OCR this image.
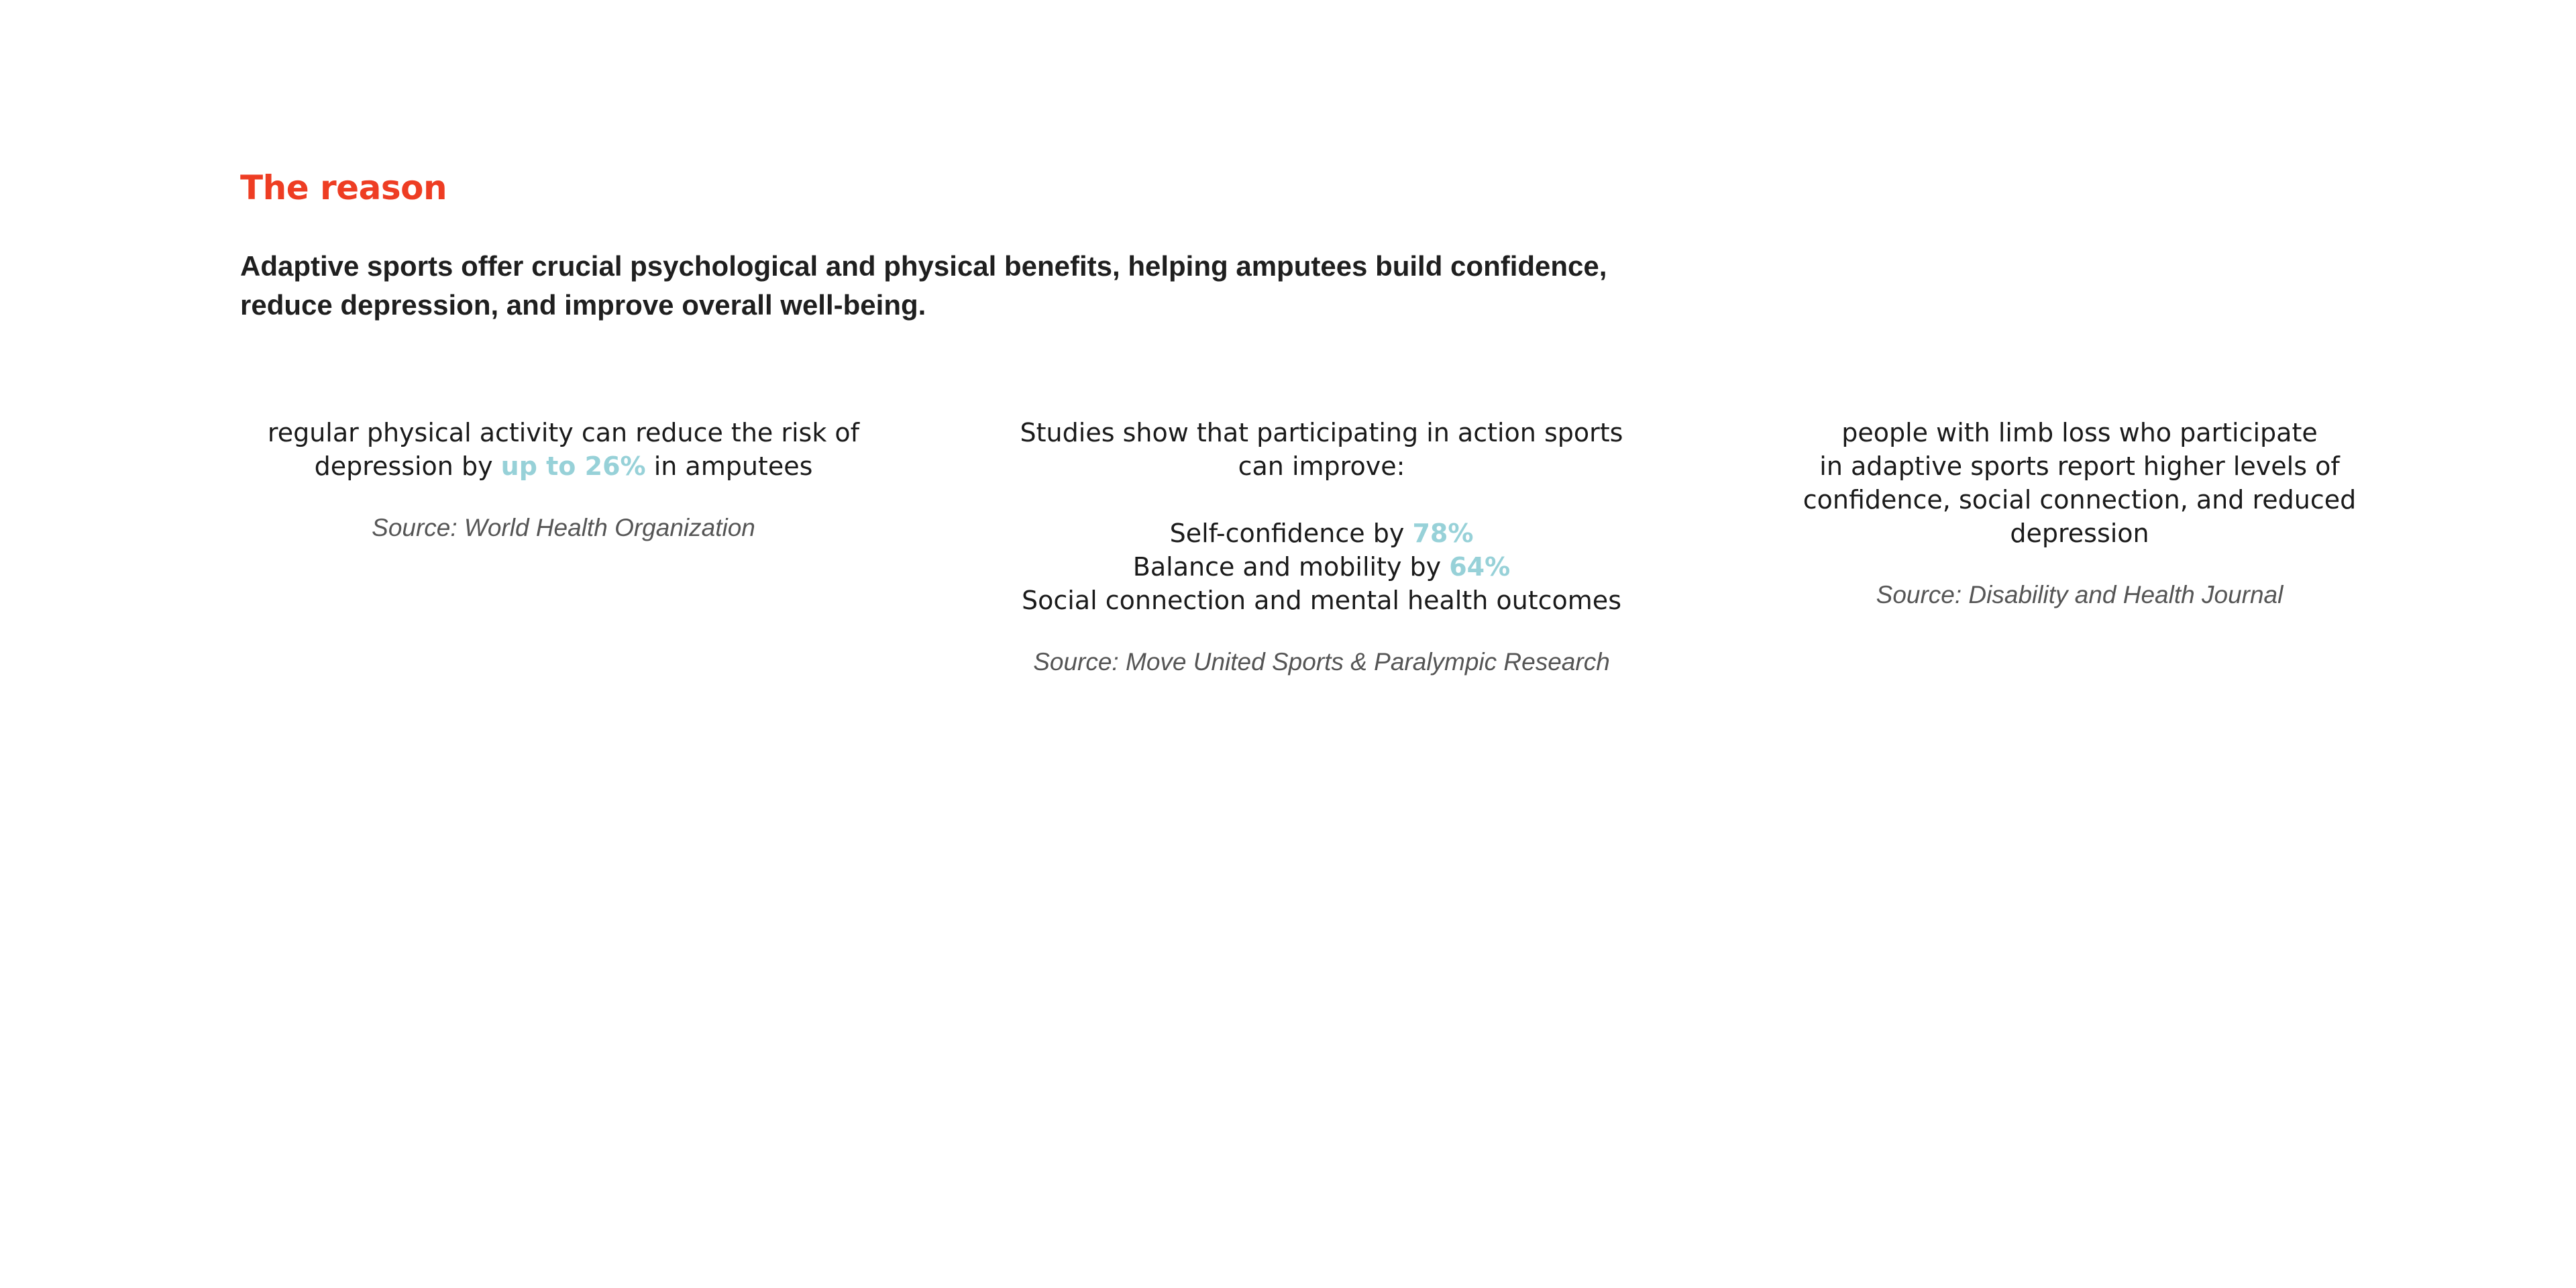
The reason

Adaptive sports offer crucial psychological and physical benefits, helping amputees build confidence,
reduce depression, and improve overall well-being.

regular physical activity can reduce the risk of
depression by up to 26% in amputees

Source: World Health Organization

Studies show that participating in action sports
can improve:

Self-confidence by 78%
Balance and mobility by 64%
Social connection and mental health outcomes

Source: Move United Sports & Paralympic Research

people with limb loss who participate
in adaptive sports report higher levels of
confidence, social connection, and reduced
depression

Source: Disability and Health Journal
